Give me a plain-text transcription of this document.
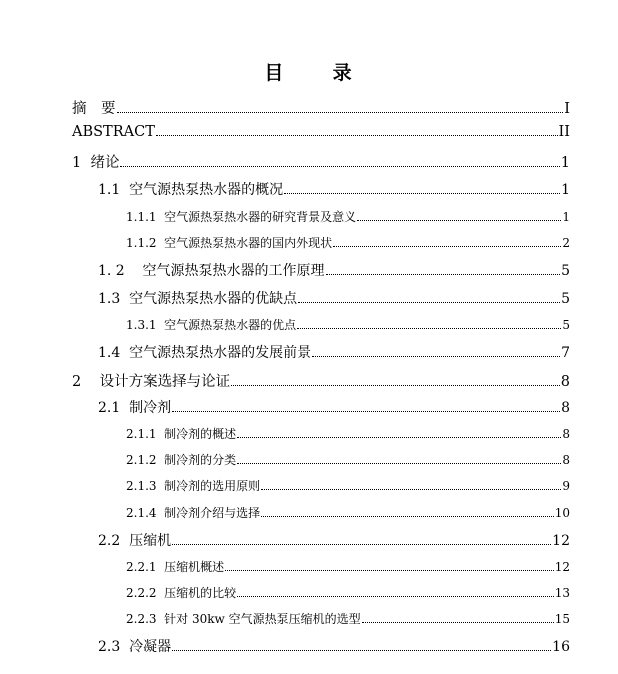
目 录
摘　要	I
ABSTRACT	II
1  绪论	1
1.1  空气源热泵热水器的概况	1
1.1.1  空气源热泵热水器的研究背景及意义	1
1.1.2  空气源热泵热水器的国内外现状	2
1. 2    空气源热泵热水器的工作原理	5
1.3  空气源热泵热水器的优缺点	5
1.3.1  空气源热泵热水器的优点	5
1.4  空气源热泵热水器的发展前景	7
2    设计方案选择与论证	8
2.1  制冷剂	8
2.1.1  制冷剂的概述	8
2.1.2  制冷剂的分类	8
2.1.3  制冷剂的选用原则	9
2.1.4  制冷剂介绍与选择	10
2.2  压缩机	12
2.2.1  压缩机概述	12
2.2.2  压缩机的比较	13
2.2.3  针对 30kw 空气源热泵压缩机的选型	15
2.3  冷凝器	16
